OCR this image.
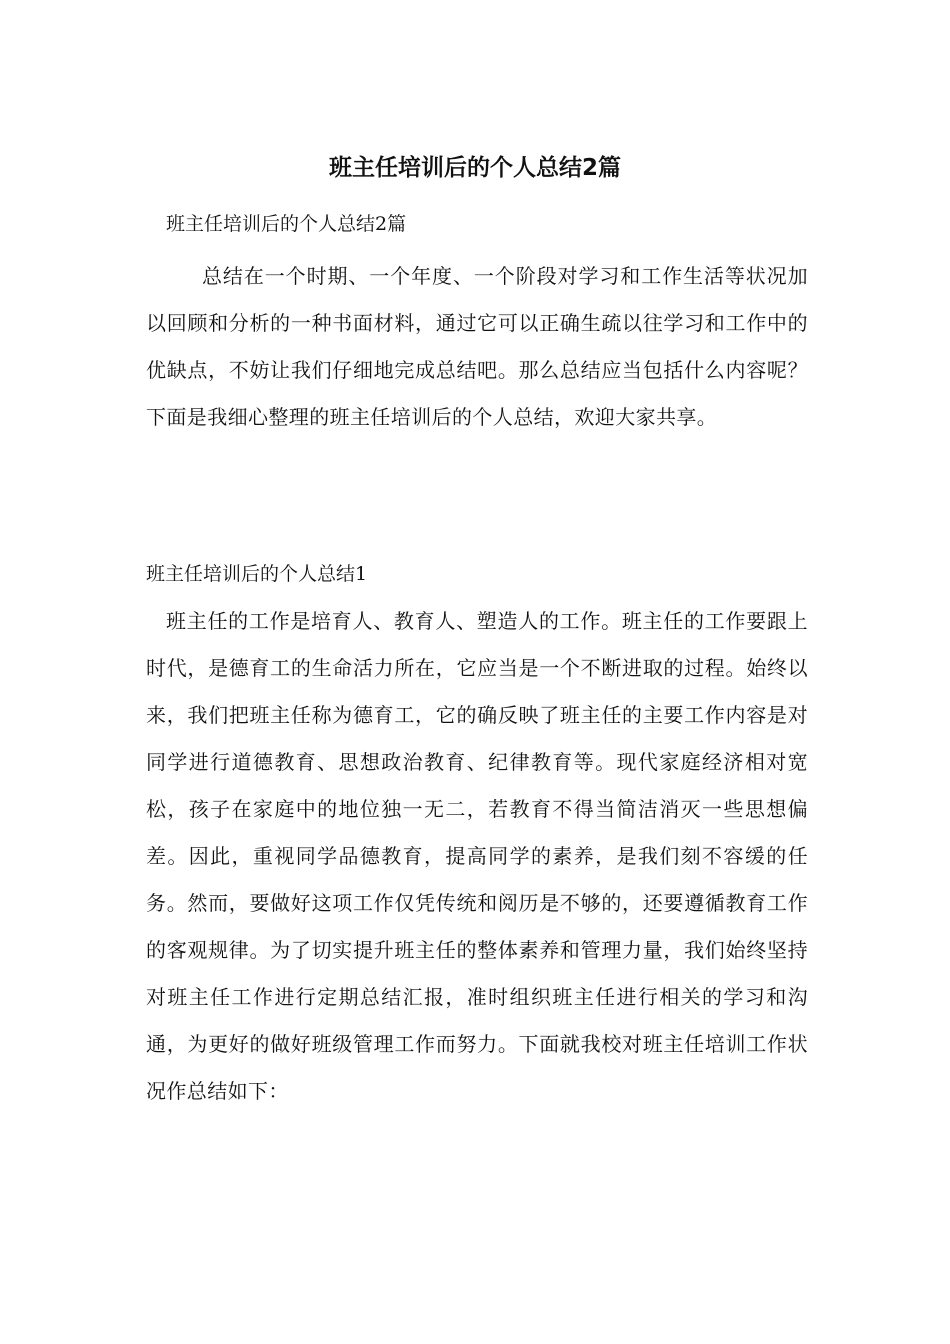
班主任培训后的个人总结2篇
班主任培训后的个人总结2篇
总结在一个时期、一个年度、一个阶段对学习和工作生活等状况加以回顾和分析的一种书面材料，通过它可以正确生疏以往学习和工作中的优缺点，不妨让我们仔细地完成总结吧。那么总结应当包括什么内容呢？下面是我细心整理的班主任培训后的个人总结，欢迎大家共享。
班主任培训后的个人总结1
班主任的工作是培育人、教育人、塑造人的工作。班主任的工作要跟上时代，是德育工的生命活力所在，它应当是一个不断进取的过程。始终以来，我们把班主任称为德育工，它的确反映了班主任的主要工作内容是对同学进行道德教育、思想政治教育、纪律教育等。现代家庭经济相对宽松，孩子在家庭中的地位独一无二，若教育不得当简洁消灭一些思想偏差。因此，重视同学品德教育，提高同学的素养，是我们刻不容缓的任务。然而，要做好这项工作仅凭传统和阅历是不够的，还要遵循教育工作的客观规律。为了切实提升班主任的整体素养和管理力量，我们始终坚持对班主任工作进行定期总结汇报，准时组织班主任进行相关的学习和沟通，为更好的做好班级管理工作而努力。下面就我校对班主任培训工作状况作总结如下：
